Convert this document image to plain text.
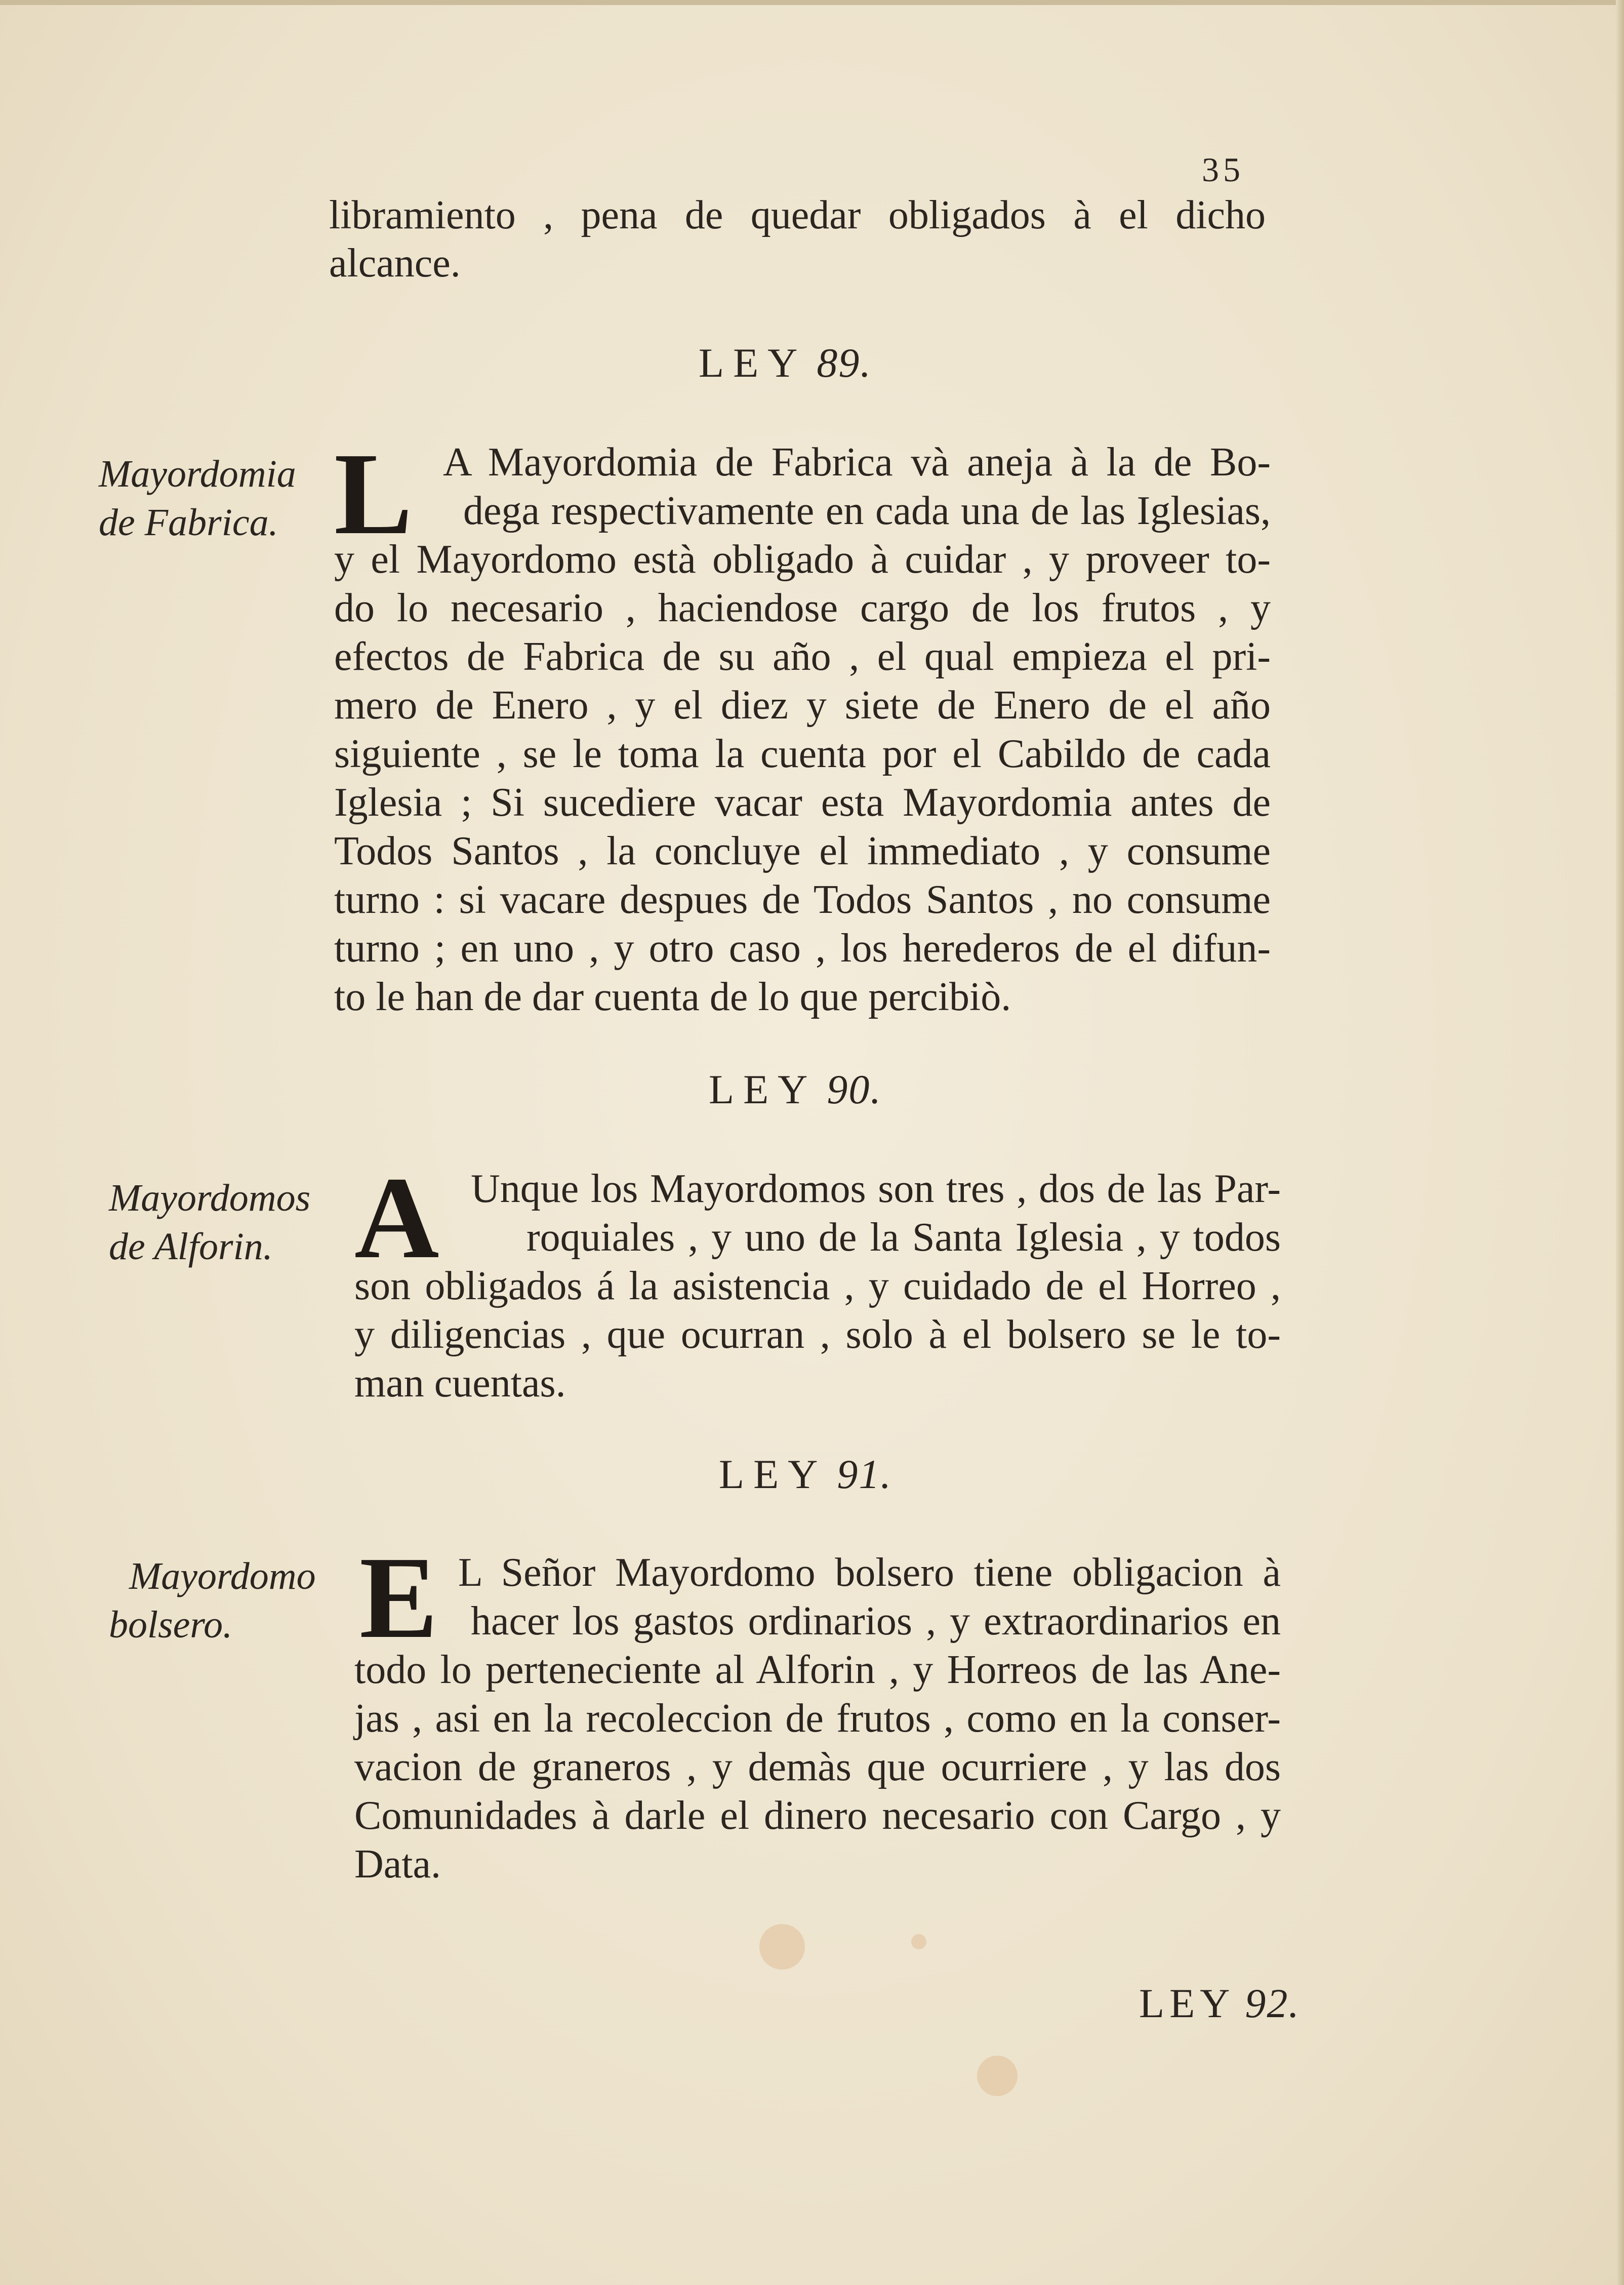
35
libramiento , pena de quedar obligados à el dicho
alcance.
LEY 89.
Mayordomia
de Fabrica. L A Mayordomia de Fabrica và aneja à la de Bo-
dega respectivamente en cada una de las Iglesias,
y el Mayordomo està obligado à cuidar , y proveer to-
do lo necesario , haciendose cargo de los frutos , y
efectos de Fabrica de su año , el qual empieza el pri-
mero de Enero , y el diez y siete de Enero de el año
siguiente , se le toma la cuenta por el Cabildo de cada
Iglesia ; Si sucediere vacar esta Mayordomia antes de
Todos Santos , la concluye el immediato , y consume
turno : si vacare despues de Todos Santos , no consume
turno ; en uno , y otro caso , los herederos de el difun-
to le han de dar cuenta de lo que percibiò.
LEY 90.
Mayordomos
de Alforin. A Unque los Mayordomos son tres , dos de las Par-
roquiales , y uno de la Santa Iglesia , y todos
son obligados á la asistencia , y cuidado de el Horreo ,
y diligencias , que ocurran , solo à el bolsero se le to-
man cuentas.
LEY 91.
Mayordomo
bolsero.	E L Señor Mayordomo bolsero tiene obligacion à
hacer los gastos ordinarios , y extraordinarios en
todo lo perteneciente al Alforin , y Horreos de las Ane-
jas , asi en la recoleccion de frutos , como en la conser-
vacion de graneros , y demàs que ocurriere , y las dos
Comunidades à darle el dinero necesario con Cargo , y
Data.
LEY 92.
